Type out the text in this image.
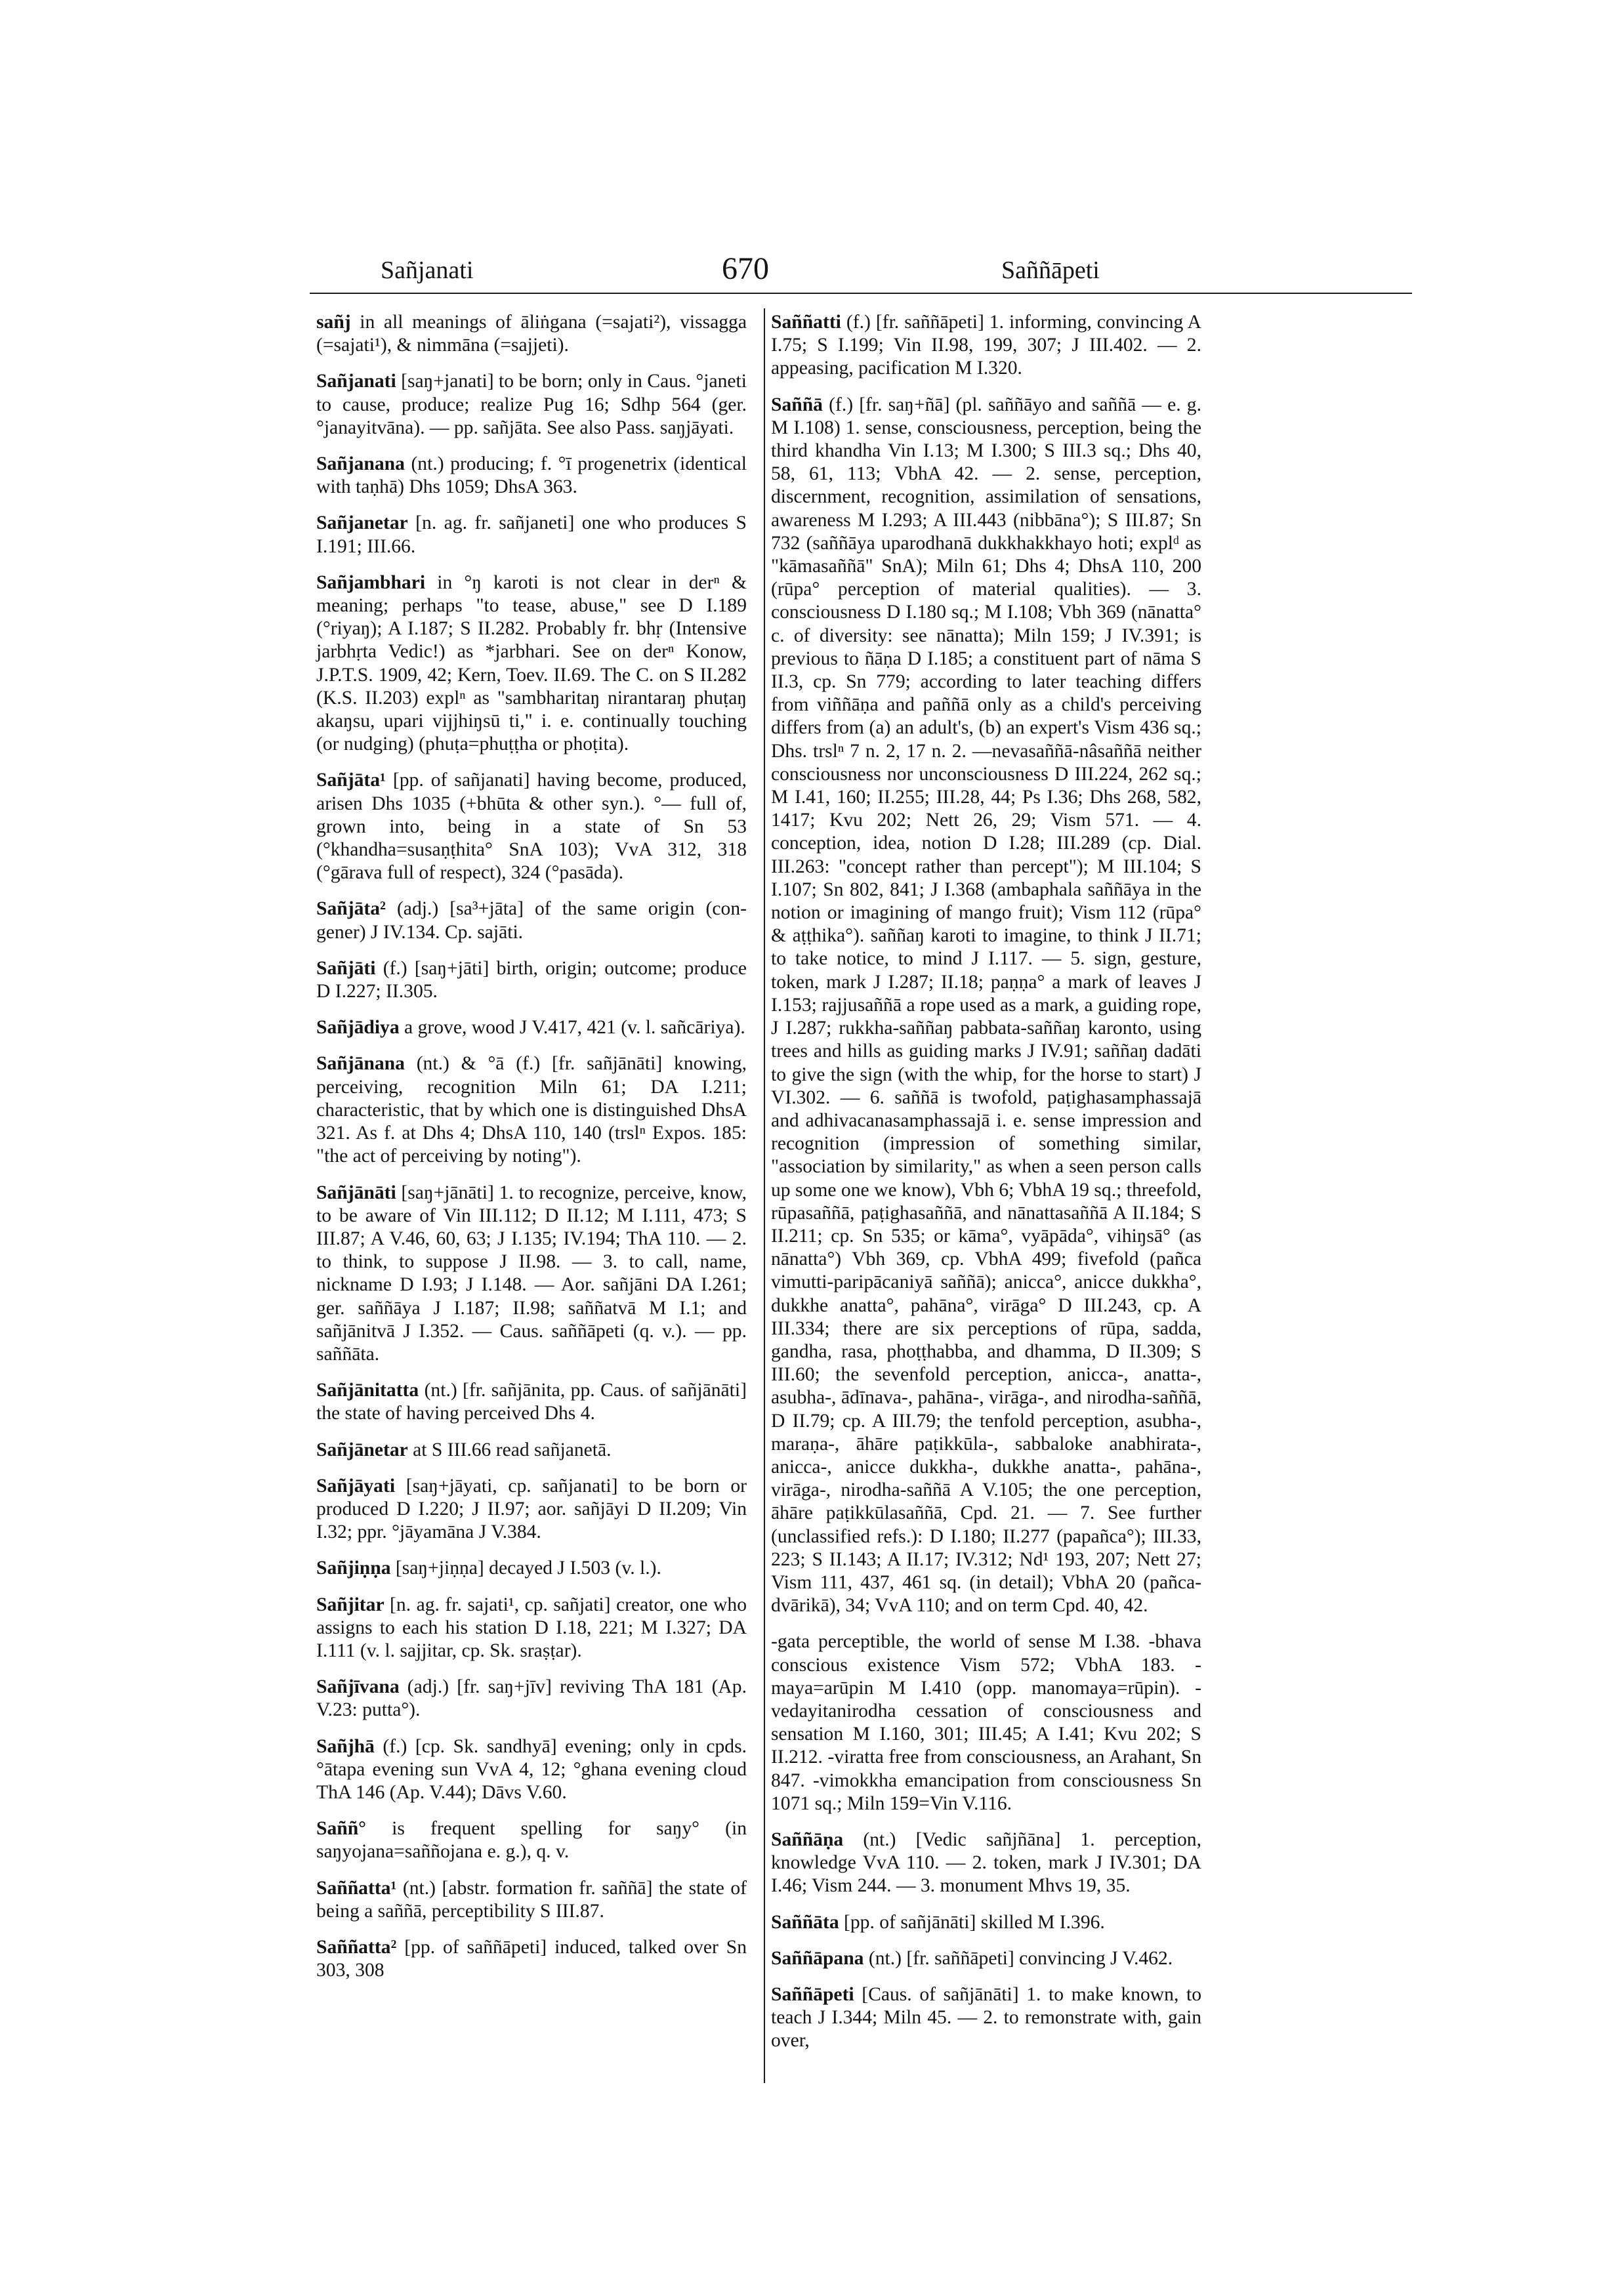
Sañjanati	670	Saññāpeti

sañj in all meanings of āliṅgana (=sajati²), vissagga (=sajati¹), & nimmāna (=sajjeti).

Sañjanati [saŋ+janati] to be born; only in Caus. °janeti to cause, produce; realize Pug 16; Sdhp 564 (ger. °janayitvāna). — pp. sañjāta. See also Pass. saŋjāyati.

Sañjanana (nt.) producing; f. °ī progenetrix (identical with taṇhā) Dhs 1059; DhsA 363.

Sañjanetar [n. ag. fr. sañjaneti] one who produces S I.191; III.66.

Sañjambhari in °ŋ karoti is not clear in derⁿ & meaning; perhaps "to tease, abuse," see D I.189 (°riyaŋ); A I.187; S II.282. Probably fr. bhṛ (Intensive jarbhṛta Vedic!) as *jarbhari. See on derⁿ Konow, J.P.T.S. 1909, 42; Kern, Toev. II.69. The C. on S II.282 (K.S. II.203) explⁿ as "sambharitaŋ nirantaraŋ phuṭaŋ akaŋsu, upari vijjhiŋsū ti," i. e. continually touching (or nudging) (phuṭa=phuṭṭha or phoṭita).

Sañjāta¹ [pp. of sañjanati] having become, produced, arisen Dhs 1035 (+bhūta & other syn.). °— full of, grown into, being in a state of Sn 53 (°khandha=susaṇṭhita° SnA 103); VvA 312, 318 (°gārava full of respect), 324 (°pasāda).

Sañjāta² (adj.) [sa³+jāta] of the same origin (con-gener) J IV.134. Cp. sajāti.

Sañjāti (f.) [saŋ+jāti] birth, origin; outcome; produce D I.227; II.305.

Sañjādiya a grove, wood J V.417, 421 (v. l. sañcāriya).

Sañjānana (nt.) & °ā (f.) [fr. sañjānāti] knowing, perceiving, recognition Miln 61; DA I.211; characteristic, that by which one is distinguished DhsA 321. As f. at Dhs 4; DhsA 110, 140 (trslⁿ Expos. 185: "the act of perceiving by noting").

Sañjānāti [saŋ+jānāti] 1. to recognize, perceive, know, to be aware of Vin III.112; D II.12; M I.111, 473; S III.87; A V.46, 60, 63; J I.135; IV.194; ThA 110. — 2. to think, to suppose J II.98. — 3. to call, name, nickname D I.93; J I.148. — Aor. sañjāni DA I.261; ger. saññāya J I.187; II.98; saññatvā M I.1; and sañjānitvā J I.352. — Caus. saññāpeti (q. v.). — pp. saññāta.

Sañjānitatta (nt.) [fr. sañjānita, pp. Caus. of sañjānāti] the state of having perceived Dhs 4.

Sañjānetar at S III.66 read sañjanetā.

Sañjāyati [saŋ+jāyati, cp. sañjanati] to be born or produced D I.220; J II.97; aor. sañjāyi D II.209; Vin I.32; ppr. °jāyamāna J V.384.

Sañjiṇṇa [saŋ+jiṇṇa] decayed J I.503 (v. l.).

Sañjitar [n. ag. fr. sajati¹, cp. sañjati] creator, one who assigns to each his station D I.18, 221; M I.327; DA I.111 (v. l. sajjitar, cp. Sk. sraṣṭar).

Sañjīvana (adj.) [fr. saŋ+jīv] reviving ThA 181 (Ap. V.23: putta°).

Sañjhā (f.) [cp. Sk. sandhyā] evening; only in cpds. °ātapa evening sun VvA 4, 12; °ghana evening cloud ThA 146 (Ap. V.44); Dāvs V.60.

Saññ° is frequent spelling for saŋy° (in saŋyojana=saññojana e. g.), q. v.

Saññatta¹ (nt.) [abstr. formation fr. saññā] the state of being a saññā, perceptibility S III.87.

Saññatta² [pp. of saññāpeti] induced, talked over Sn 303, 308

Saññatti (f.) [fr. saññāpeti] 1. informing, convincing A I.75; S I.199; Vin II.98, 199, 307; J III.402. — 2. appeasing, pacification M I.320.

Saññā (f.) [fr. saŋ+ñā] (pl. saññāyo and saññā — e. g. M I.108) 1. sense, consciousness, perception, being the third khandha Vin I.13; M I.300; S III.3 sq.; Dhs 40, 58, 61, 113; VbhA 42. — 2. sense, perception, discernment, recognition, assimilation of sensations, awareness M I.293; A III.443 (nibbāna°); S III.87; Sn 732 (saññāya uparodhanā dukkhakkhayo hoti; explᵈ as "kāmasaññā" SnA); Miln 61; Dhs 4; DhsA 110, 200 (rūpa° perception of material qualities). — 3. consciousness D I.180 sq.; M I.108; Vbh 369 (nānatta° c. of diversity: see nānatta); Miln 159; J IV.391; is previous to ñāṇa D I.185; a constituent part of nāma S II.3, cp. Sn 779; according to later teaching differs from viññāṇa and paññā only as a child's perceiving differs from (a) an adult's, (b) an expert's Vism 436 sq.; Dhs. trslⁿ 7 n. 2, 17 n. 2. —nevasaññā-nâsaññā neither consciousness nor unconsciousness D III.224, 262 sq.; M I.41, 160; II.255; III.28, 44; Ps I.36; Dhs 268, 582, 1417; Kvu 202; Nett 26, 29; Vism 571. — 4. conception, idea, notion D I.28; III.289 (cp. Dial. III.263: "concept rather than percept"); M III.104; S I.107; Sn 802, 841; J I.368 (ambaphala saññāya in the notion or imagining of mango fruit); Vism 112 (rūpa° & aṭṭhika°). saññaŋ karoti to imagine, to think J II.71; to take notice, to mind J I.117. — 5. sign, gesture, token, mark J I.287; II.18; paṇṇa° a mark of leaves J I.153; rajjusaññā a rope used as a mark, a guiding rope, J I.287; rukkha-saññaŋ pabbata-saññaŋ karonto, using trees and hills as guiding marks J IV.91; saññaŋ dadāti to give the sign (with the whip, for the horse to start) J VI.302. — 6. saññā is twofold, paṭighasamphassajā and adhivacanasamphassajā i. e. sense impression and recognition (impression of something similar, "association by similarity," as when a seen person calls up some one we know), Vbh 6; VbhA 19 sq.; threefold, rūpasaññā, paṭighasaññā, and nānattasaññā A II.184; S II.211; cp. Sn 535; or kāma°, vyāpāda°, vihiŋsā° (as nānatta°) Vbh 369, cp. VbhA 499; fivefold (pañca vimutti-paripācaniyā saññā); anicca°, anicce dukkha°, dukkhe anatta°, pahāna°, virāga° D III.243, cp. A III.334; there are six perceptions of rūpa, sadda, gandha, rasa, phoṭṭhabba, and dhamma, D II.309; S III.60; the sevenfold perception, anicca-, anatta-, asubha-, ādīnava-, pahāna-, virāga-, and nirodha-saññā, D II.79; cp. A III.79; the tenfold perception, asubha-, maraṇa-, āhāre paṭikkūla-, sabbaloke anabhirata-, anicca-, anicce dukkha-, dukkhe anatta-, pahāna-, virāga-, nirodha-saññā A V.105; the one perception, āhāre paṭikkūlasaññā, Cpd. 21. — 7. See further (unclassified refs.): D I.180; II.277 (papañca°); III.33, 223; S II.143; A II.17; IV.312; Nd¹ 193, 207; Nett 27; Vism 111, 437, 461 sq. (in detail); VbhA 20 (pañca-dvārikā), 34; VvA 110; and on term Cpd. 40, 42.

-gata perceptible, the world of sense M I.38. -bhava conscious existence Vism 572; VbhA 183. -maya=arūpin M I.410 (opp. manomaya=rūpin). -vedayitanirodha cessation of consciousness and sensation M I.160, 301; III.45; A I.41; Kvu 202; S II.212. -viratta free from consciousness, an Arahant, Sn 847. -vimokkha emancipation from consciousness Sn 1071 sq.; Miln 159=Vin V.116.

Saññāṇa (nt.) [Vedic sañjñāna] 1. perception, knowledge VvA 110. — 2. token, mark J IV.301; DA I.46; Vism 244. — 3. monument Mhvs 19, 35.

Saññāta [pp. of sañjānāti] skilled M I.396.

Saññāpana (nt.) [fr. saññāpeti] convincing J V.462.

Saññāpeti [Caus. of sañjānāti] 1. to make known, to teach J I.344; Miln 45. — 2. to remonstrate with, gain over,
